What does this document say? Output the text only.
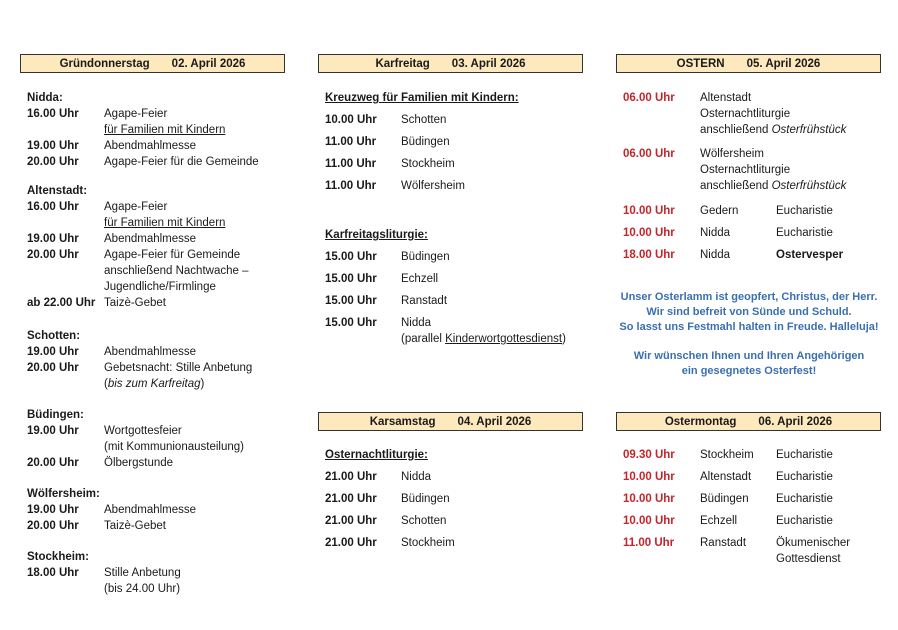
Gründonnerstag 02. April 2026
Nidda:
16.00 Uhr	Agape-Feier
für Familien mit Kindern
19.00 Uhr	Abendmahlmesse
20.00 Uhr	Agape-Feier für die Gemeinde
Altenstadt:
16.00 Uhr	Agape-Feier
für Familien mit Kindern
19.00 Uhr	Abendmahlmesse
20.00 Uhr	Agape-Feier für Gemeinde
anschließend Nachtwache –
Jugendliche/Firmlinge
ab 22.00 Uhr Taizè-Gebet
Schotten:
19.00 Uhr	Abendmahlmesse
20.00 Uhr	Gebetsnacht: Stille Anbetung
(bis zum Karfreitag)
Büdingen:
19.00 Uhr	Wortgottesfeier
(mit Kommunionausteilung)
20.00 Uhr	Ölbergstunde
Wölfersheim:
19.00 Uhr	Abendmahlmesse
20.00 Uhr	Taizè-Gebet
Stockheim:
18.00 Uhr	Stille Anbetung
(bis 24.00 Uhr)
Karfreitag 03. April 2026
Kreuzweg für Familien mit Kindern:
10.00 Uhr	Schotten
11.00 Uhr	Büdingen
11.00 Uhr	Stockheim
11.00 Uhr	Wölfersheim
Karfreitagsliturgie:
15.00 Uhr	Büdingen
15.00 Uhr	Echzell
15.00 Uhr	Ranstadt
15.00 Uhr	Nidda
(parallel Kinderwortgottesdienst)
Karsamstag 04. April 2026
Osternachtliturgie:
21.00 Uhr	Nidda
21.00 Uhr	Büdingen
21.00 Uhr	Schotten
21.00 Uhr	Stockheim
OSTERN 05. April 2026
06.00 Uhr	Altenstadt
Osternachtliturgie
anschließend Osterfrühstück
06.00 Uhr	Wölfersheim
Osternachtliturgie
anschließend Osterfrühstück
10.00 Uhr	Gedern	Eucharistie
10.00 Uhr	Nidda	Eucharistie
18.00 Uhr	Nidda	Ostervesper
Unser Osterlamm ist geopfert, Christus, der Herr.
Wir sind befreit von Sünde und Schuld.
So lasst uns Festmahl halten in Freude. Halleluja!
Wir wünschen Ihnen und Ihren Angehörigen
ein gesegnetes Osterfest!
Ostermontag 06. April 2026
09.30 Uhr	Stockheim	Eucharistie
10.00 Uhr	Altenstadt	Eucharistie
10.00 Uhr	Büdingen	Eucharistie
10.00 Uhr	Echzell	Eucharistie
11.00 Uhr	Ranstadt	Ökumenischer
Gottesdienst
